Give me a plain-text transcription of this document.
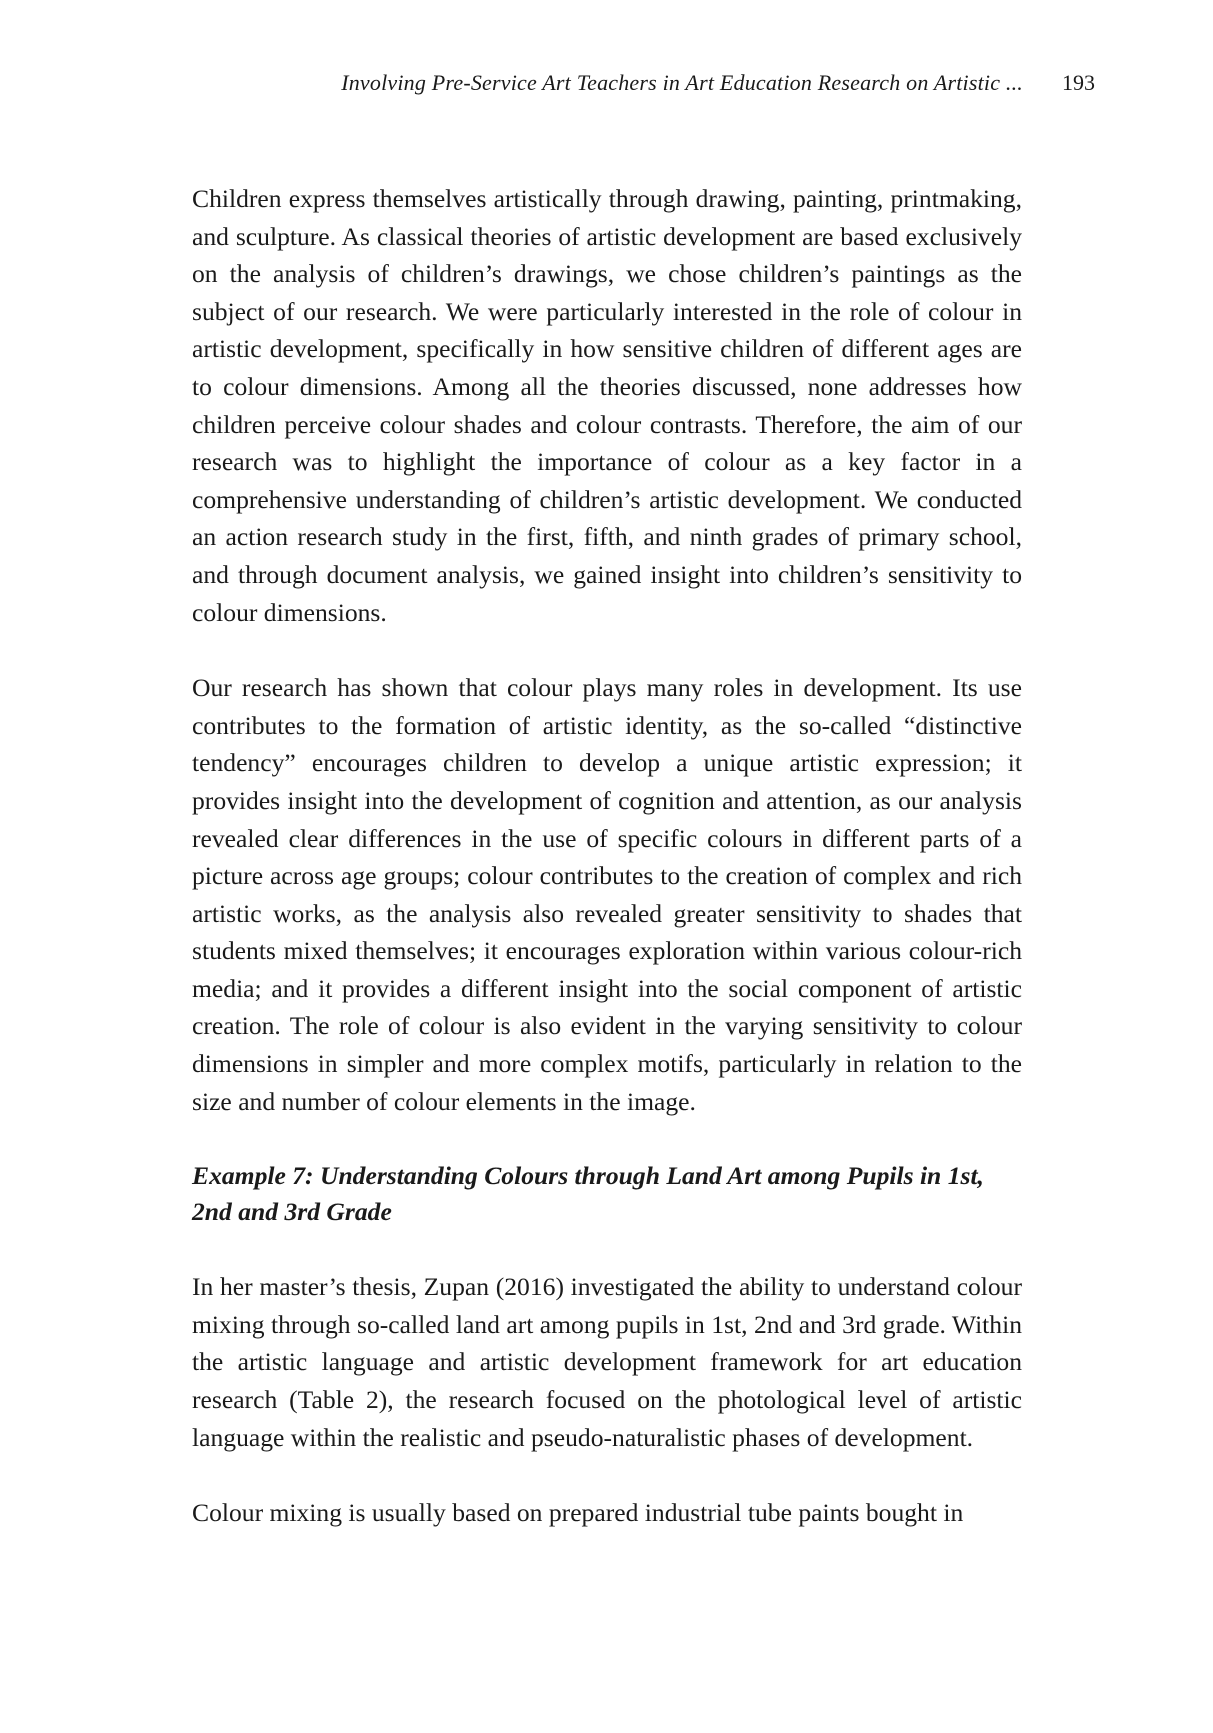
Involving Pre-Service Art Teachers in Art Education Research on Artistic ... 193

Children express themselves artistically through drawing, painting, printmaking, and sculpture. As classical theories of artistic development are based exclusively on the analysis of children’s drawings, we chose children’s paintings as the subject of our research. We were particularly interested in the role of colour in artistic development, specifically in how sensitive children of different ages are to colour dimensions. Among all the theories discussed, none addresses how children perceive colour shades and colour contrasts. Therefore, the aim of our research was to highlight the importance of colour as a key factor in a comprehensive understanding of children’s artistic development. We conducted an action research study in the first, fifth, and ninth grades of primary school, and through document analysis, we gained insight into children’s sensitivity to colour dimensions.

Our research has shown that colour plays many roles in development. Its use contributes to the formation of artistic identity, as the so-called “distinctive tendency” encourages children to develop a unique artistic expression; it provides insight into the development of cognition and attention, as our analysis revealed clear differences in the use of specific colours in different parts of a picture across age groups; colour contributes to the creation of complex and rich artistic works, as the analysis also revealed greater sensitivity to shades that students mixed themselves; it encourages exploration within various colour-rich media; and it provides a different insight into the social component of artistic creation. The role of colour is also evident in the varying sensitivity to colour dimensions in simpler and more complex motifs, particularly in relation to the size and number of colour elements in the image.

Example 7: Understanding Colours through Land Art among Pupils in 1st, 2nd and 3rd Grade

In her master’s thesis, Zupan (2016) investigated the ability to understand colour mixing through so-called land art among pupils in 1st, 2nd and 3rd grade. Within the artistic language and artistic development framework for art education research (Table 2), the research focused on the photological level of artistic language within the realistic and pseudo-naturalistic phases of development.

Colour mixing is usually based on prepared industrial tube paints bought in
